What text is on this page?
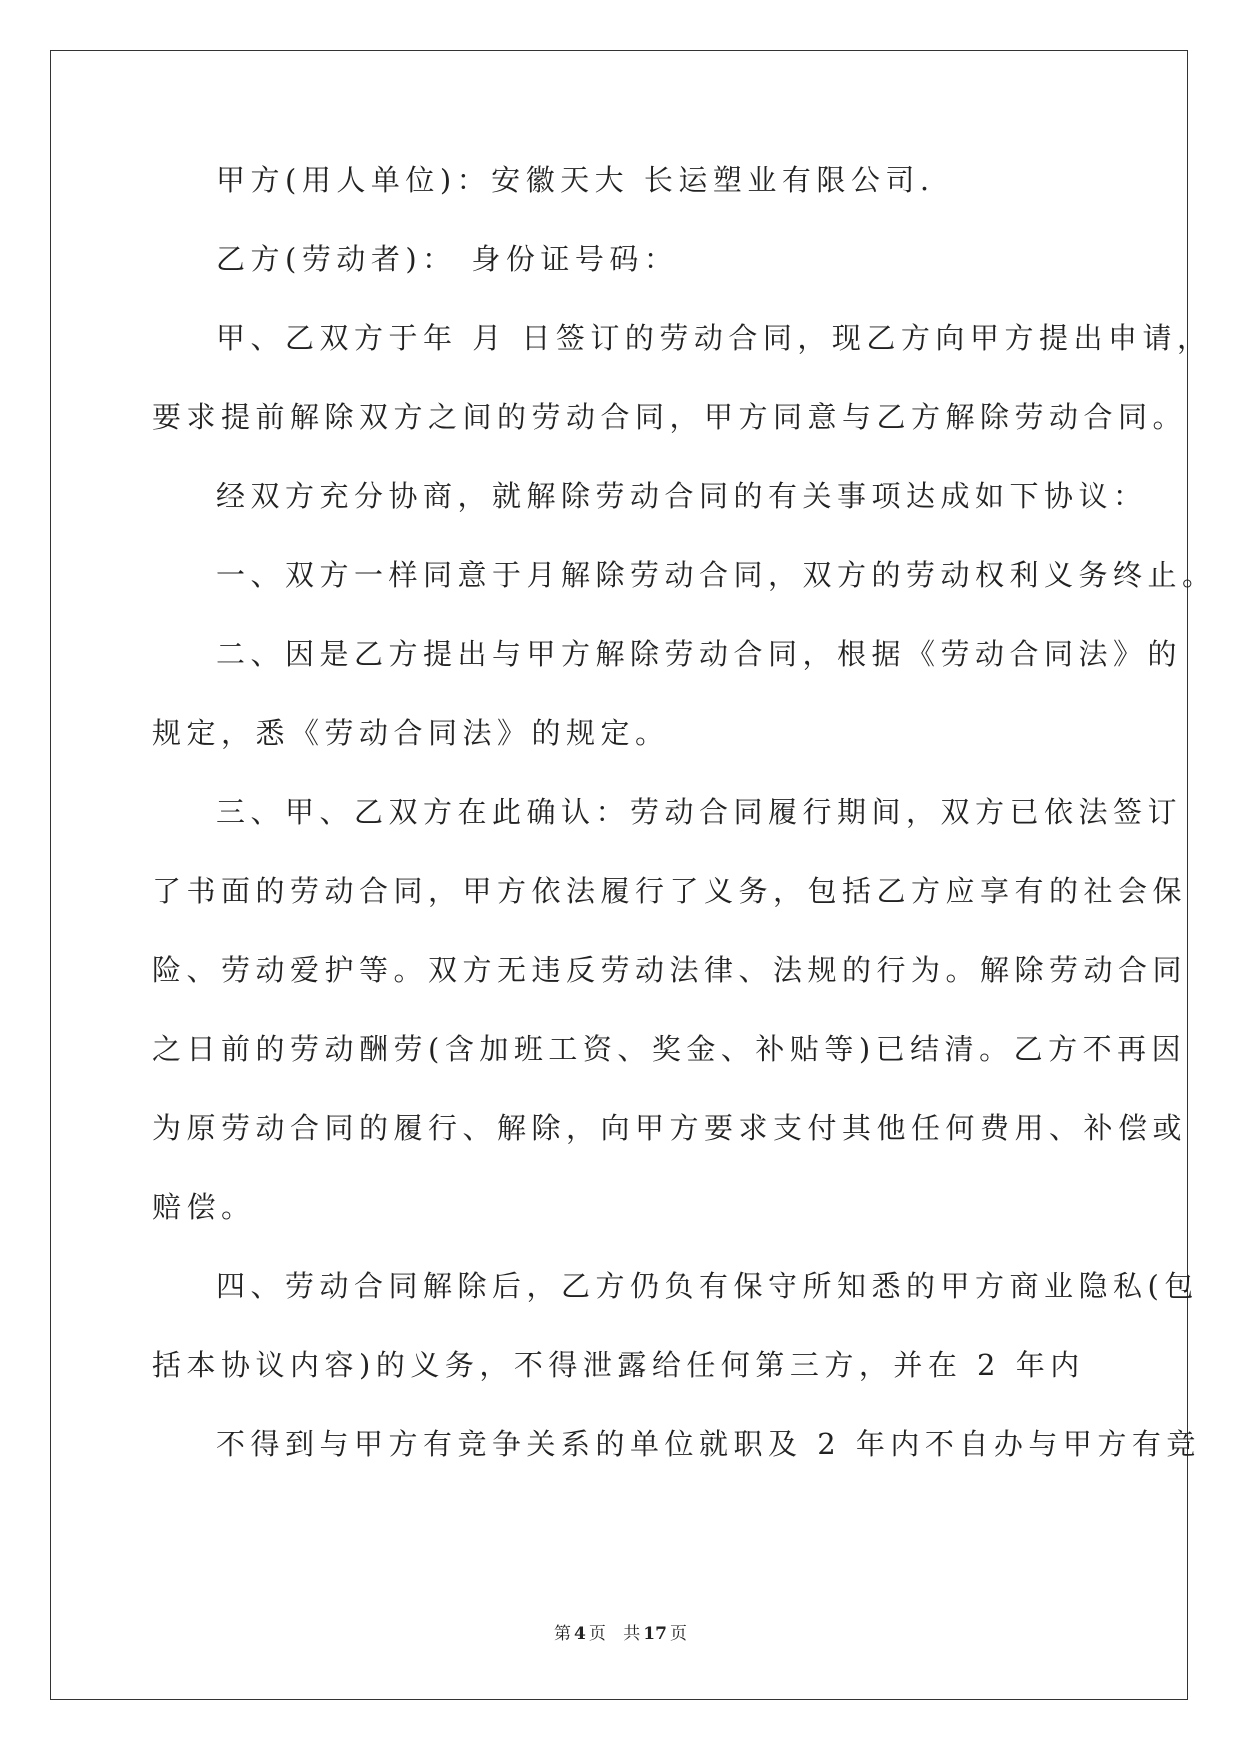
甲方(用人单位)：安徽天大 长运塑业有限公司.
乙方(劳动者)： 身份证号码：
甲、乙双方于年 月 日签订的劳动合同，现乙方向甲方提出申请，
要求提前解除双方之间的劳动合同，甲方同意与乙方解除劳动合同。
经双方充分协商，就解除劳动合同的有关事项达成如下协议：
一、双方一样同意于月解除劳动合同，双方的劳动权利义务终止。
二、因是乙方提出与甲方解除劳动合同，根据《劳动合同法》的
规定，悉《劳动合同法》的规定。
三、甲、乙双方在此确认：劳动合同履行期间，双方已依法签订
了书面的劳动合同，甲方依法履行了义务，包括乙方应享有的社会保
险、劳动爱护等。双方无违反劳动法律、法规的行为。解除劳动合同
之日前的劳动酬劳(含加班工资、奖金、补贴等)已结清。乙方不再因
为原劳动合同的履行、解除，向甲方要求支付其他任何费用、补偿或
赔偿。
四、劳动合同解除后，乙方仍负有保守所知悉的甲方商业隐私(包
括本协议内容)的义务，不得泄露给任何第三方，并在 2 年内
不得到与甲方有竞争关系的单位就职及 2 年内不自办与甲方有竞
第 4 页 共 17 页
